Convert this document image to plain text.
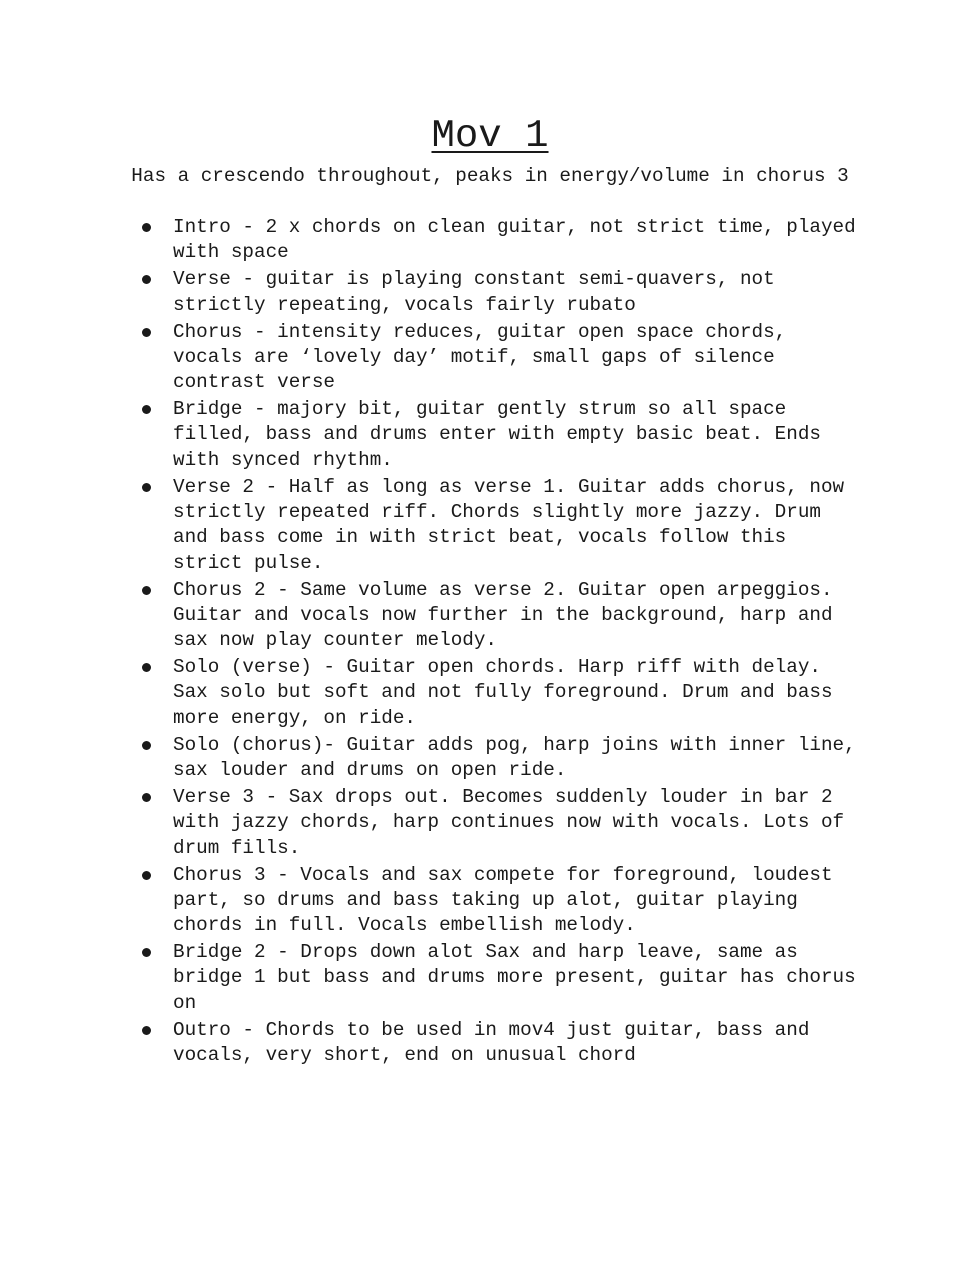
Mov 1

Has a crescendo throughout, peaks in energy/volume in chorus 3

Intro - 2 x chords on clean guitar, not strict time, played
with space
Verse - guitar is playing constant semi-quavers, not
strictly repeating, vocals fairly rubato
Chorus - intensity reduces, guitar open space chords,
vocals are ‘lovely day’ motif, small gaps of silence
contrast verse
Bridge - majory bit, guitar gently strum so all space
filled, bass and drums enter with empty basic beat. Ends
with synced rhythm.
Verse 2 - Half as long as verse 1. Guitar adds chorus, now
strictly repeated riff. Chords slightly more jazzy. Drum
and bass come in with strict beat, vocals follow this
strict pulse.
Chorus 2 - Same volume as verse 2. Guitar open arpeggios.
Guitar and vocals now further in the background, harp and
sax now play counter melody.
Solo (verse) - Guitar open chords. Harp riff with delay.
Sax solo but soft and not fully foreground. Drum and bass
more energy, on ride.
Solo (chorus)- Guitar adds pog, harp joins with inner line,
sax louder and drums on open ride.
Verse 3 - Sax drops out. Becomes suddenly louder in bar 2
with jazzy chords, harp continues now with vocals. Lots of
drum fills.
Chorus 3 - Vocals and sax compete for foreground, loudest
part, so drums and bass taking up alot, guitar playing
chords in full. Vocals embellish melody.
Bridge 2 - Drops down alot Sax and harp leave, same as
bridge 1 but bass and drums more present, guitar has chorus
on
Outro - Chords to be used in mov4 just guitar, bass and
vocals, very short, end on unusual chord
